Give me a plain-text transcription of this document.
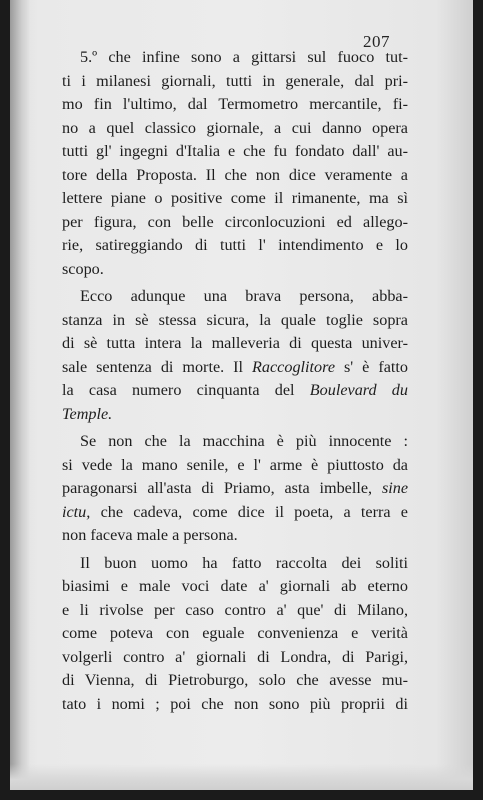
207
5.º che infine sono a gittarsi sul fuoco tut-
ti i milanesi giornali, tutti in generale, dal pri-
mo fin l'ultimo, dal Termometro mercantile, fi-
no a quel classico giornale, a cui danno opera
tutti gl' ingegni d'Italia e che fu fondato dall' au-
tore della Proposta. Il che non dice veramente a
lettere piane o positive come il rimanente, ma sì
per figura, con belle circonlocuzioni ed allego-
rie, satireggiando di tutti l' intendimento e lo
scopo.
Ecco adunque una brava persona, abba-
stanza in sè stessa sicura, la quale toglie sopra
di sè tutta intera la malleveria di questa univer-
sale sentenza di morte. Il Raccoglitore s' è fatto
la casa numero cinquanta del Boulevard du
Temple.
Se non che la macchina è più innocente :
si vede la mano senile, e l' arme è piuttosto da
paragonarsi all'asta di Priamo, asta imbelle, sine
ictu, che cadeva, come dice il poeta, a terra e
non faceva male a persona.
Il buon uomo ha fatto raccolta dei soliti
biasimi e male voci date a' giornali ab eterno
e li rivolse per caso contro a' que' di Milano,
come poteva con eguale convenienza e verità
volgerli contro a' giornali di Londra, di Parigi,
di Vienna, di Pietroburgo, solo che avesse mu-
tato i nomi ; poi che non sono più proprii di
